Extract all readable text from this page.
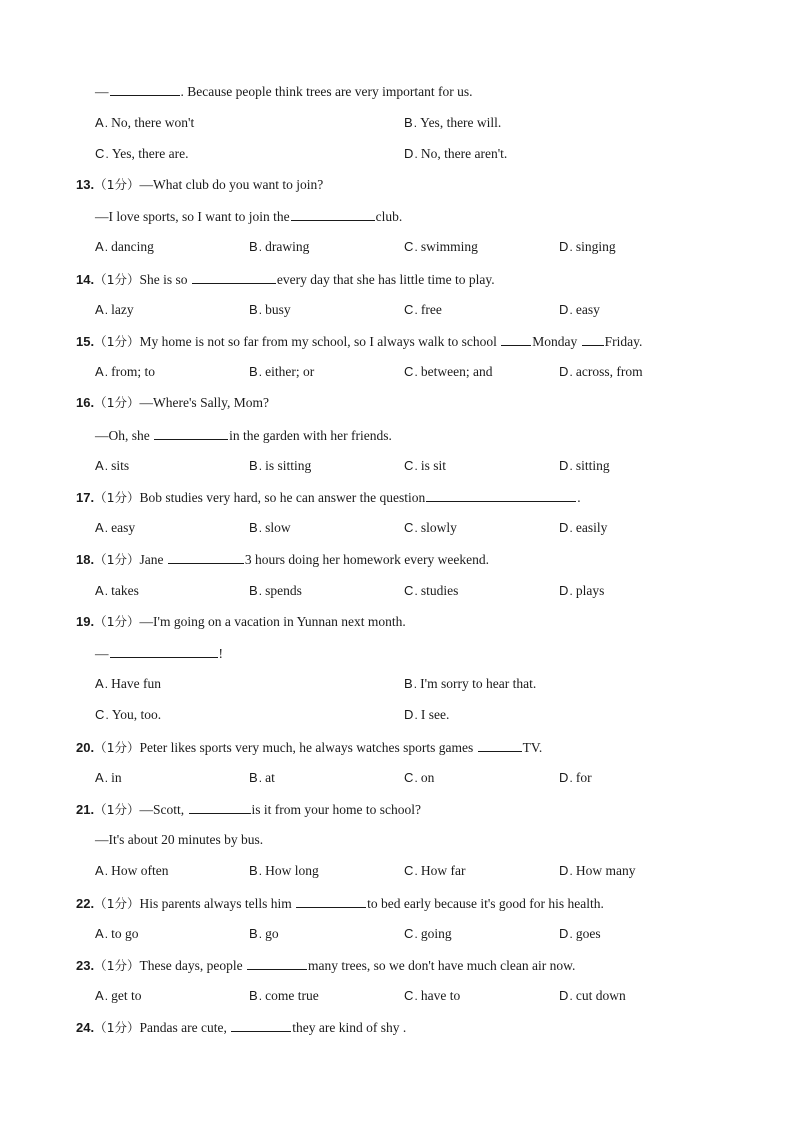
—	. Because people think trees are very important for us.
A. No, there won't	B. Yes, there will.
C. Yes, there are.	D. No, there aren't.
13.（1分）—What club do you want to join?
—I love sports, so I want to join the	club.
A. dancing	B. drawing	C. swimming	D. singing
14.（1分）She is so	every day that she has little time to play.
A. lazy	B. busy	C. free	D. easy
15.（1分）My home is not so far from my school, so I always walk to school Monday Friday.
A. from; to	B. either; or	C. between; and	D. across, from
16.（1分）—Where's Sally, Mom?
—Oh, she	in the garden with her friends.
A. sits	B. is sitting	C. is sit	D. sitting
17.（1分）Bob studies very hard, so he can answer the question	.
A. easy	B. slow	C. slowly	D. easily
18.（1分）Jane	3 hours doing her homework every weekend.
A. takes	B. spends	C. studies	D. plays
19.（1分）—I'm going on a vacation in Yunnan next month.
—	!
A. Have fun	B. I'm sorry to hear that.
C. You, too.	D. I see.
20.（1分）Peter likes sports very much, he always watches sports games	TV.
A. in	B. at	C. on	D. for
21.（1分）—Scott,	is it from your home to school?
—It's about 20 minutes by bus.
A. How often	B. How long	C. How far	D. How many
22.（1分）His parents always tells him	to bed early because it's good for his health.
A. to go	B. go	C. going	D. goes
23.（1分）These days, people	many trees, so we don't have much clean air now.
A. get to	B. come true	C. have to	D. cut down
24.（1分）Pandas are cute,	they are kind of shy .
